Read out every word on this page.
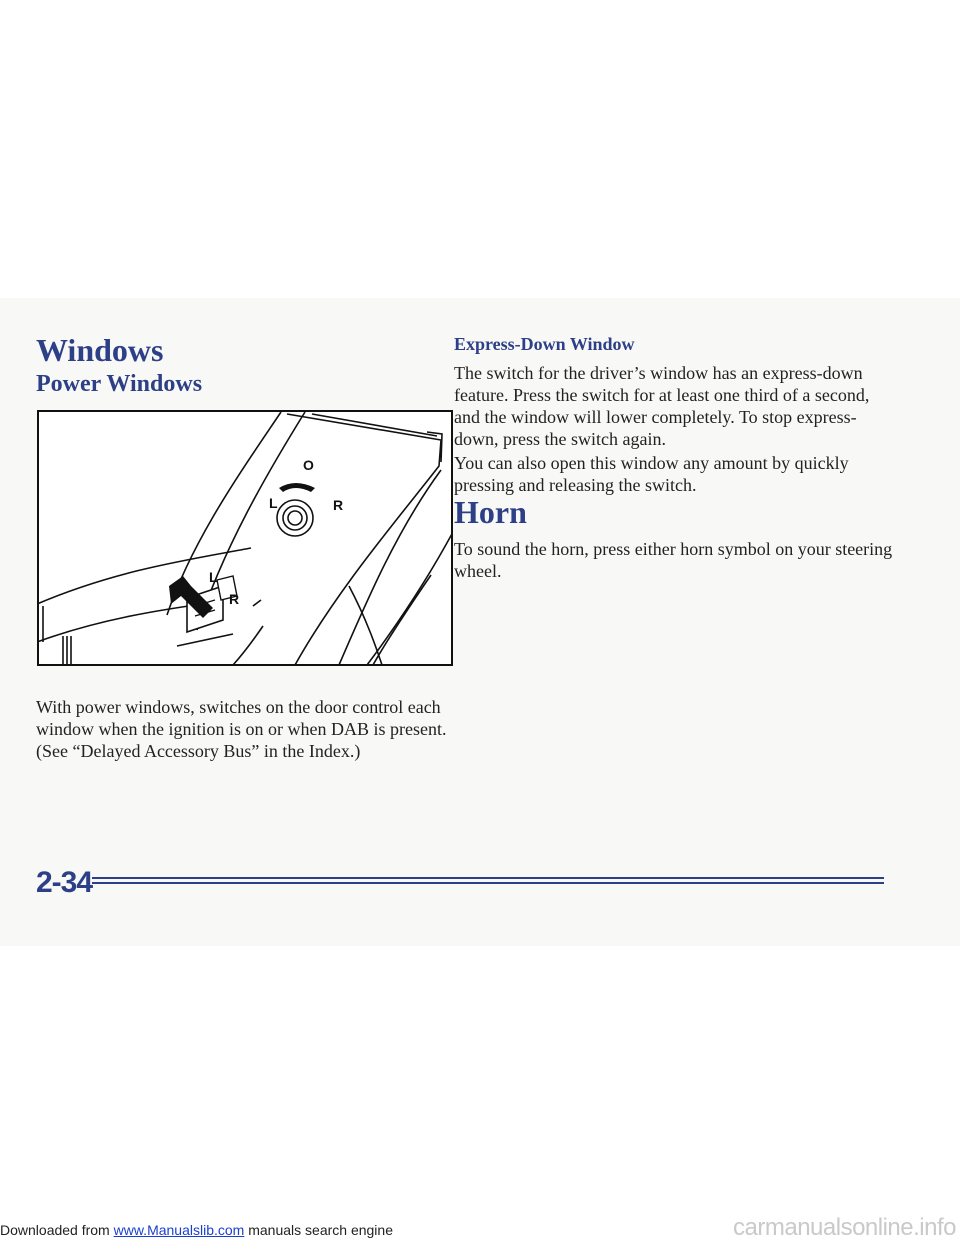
Windows
Power Windows
L
O
R
L
R

With power windows, switches on the door control each window when the ignition is on or when DAB is present. (See “Delayed Accessory Bus” in the Index.)

Express-Down Window

The switch for the driver’s window has an express-down feature. Press the switch for at least one third of a second, and the window will lower completely. To stop express-down, press the switch again.

You can also open this window any amount by quickly pressing and releasing the switch.

Horn

To sound the horn, press either horn symbol on your steering wheel.

2-34
Downloaded from www.Manualslib.com manuals search engine	carmanualsonline.info
